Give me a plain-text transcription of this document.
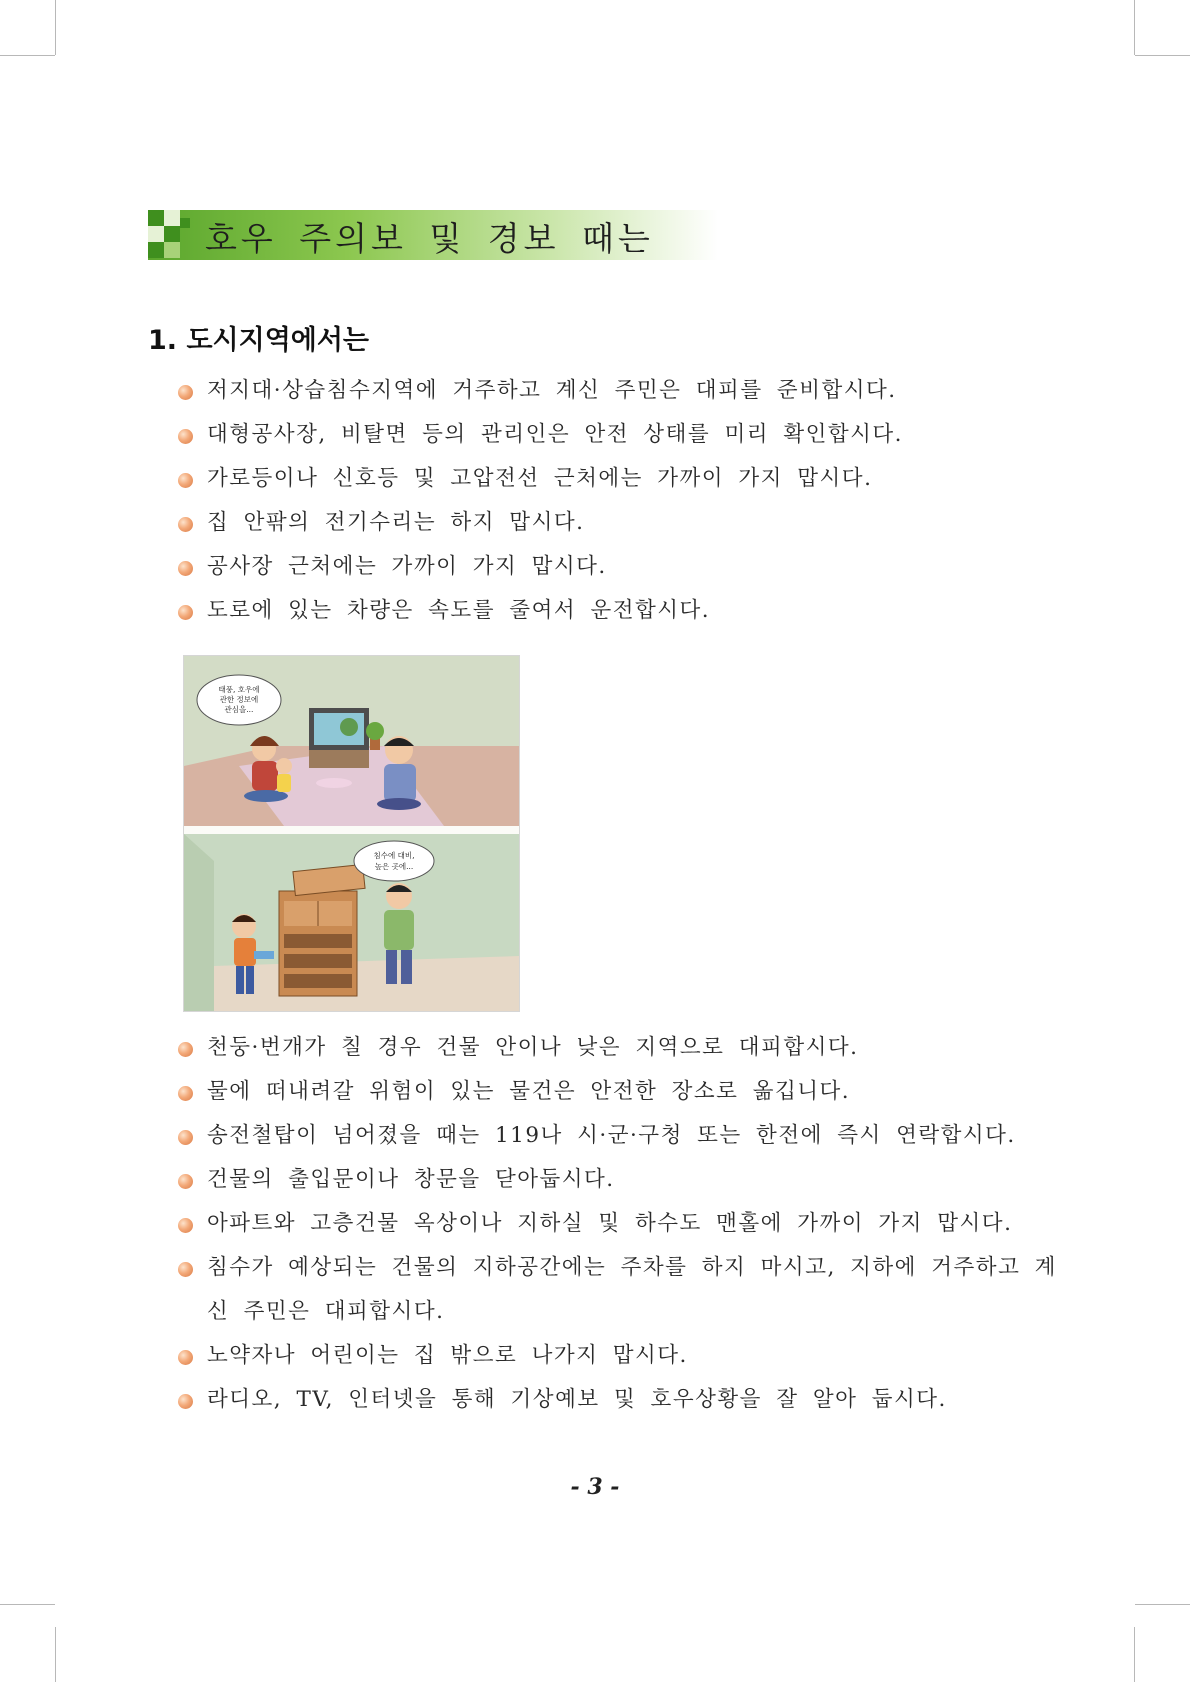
호우 주의보 및 경보 때는
1. 도시지역에서는
저지대·상습침수지역에 거주하고 계신 주민은 대피를 준비합시다.
대형공사장, 비탈면 등의 관리인은 안전 상태를 미리 확인합시다.
가로등이나 신호등 및 고압전선 근처에는 가까이 가지 맙시다.
집 안팎의 전기수리는 하지 맙시다.
공사장 근처에는 가까이 가지 맙시다.
도로에 있는 차량은 속도를 줄여서 운전합시다.
태풍, 호우에
관한 정보에
관심을...
침수에 대비,
높은 곳에...
천둥·번개가 칠 경우 건물 안이나 낮은 지역으로 대피합시다.
물에 떠내려갈 위험이 있는 물건은 안전한 장소로 옮깁니다.
송전철탑이 넘어졌을 때는 119나 시·군·구청 또는 한전에 즉시 연락합시다.
건물의 출입문이나 창문을 닫아둡시다.
아파트와 고층건물 옥상이나 지하실 및 하수도 맨홀에 가까이 가지 맙시다.
침수가 예상되는 건물의 지하공간에는 주차를 하지 마시고, 지하에 거주하고 계신 주민은 대피합시다.
노약자나 어린이는 집 밖으로 나가지 맙시다.
라디오, TV, 인터넷을 통해 기상예보 및 호우상황을 잘 알아 둡시다.
- 3 -
